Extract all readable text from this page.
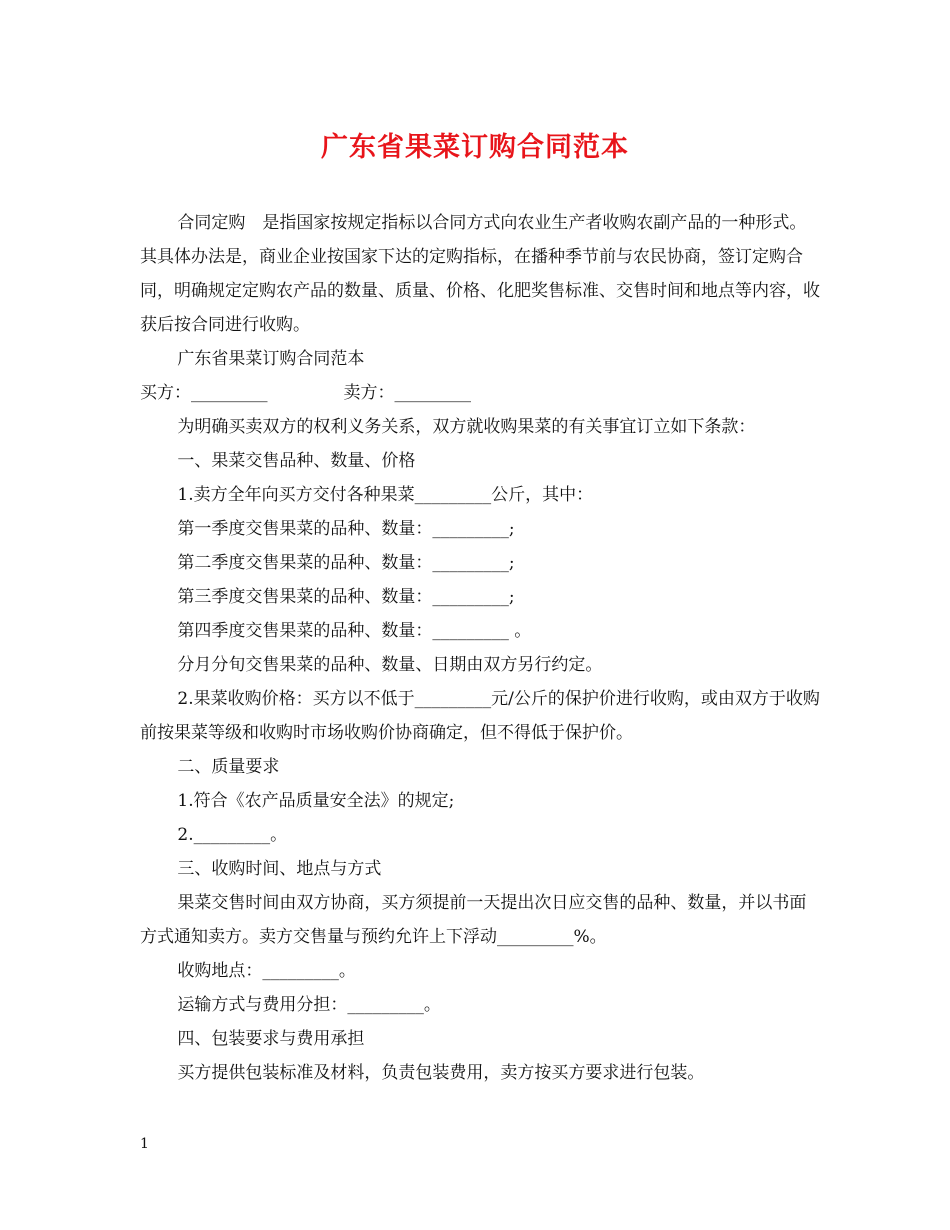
广东省果菜订购合同范本

合同定购　是指国家按规定指标以合同方式向农业生产者收购农副产品的一种形式。其具体办法是，商业企业按国家下达的定购指标，在播种季节前与农民协商，签订定购合同，明确规定定购农产品的数量、质量、价格、化肥奖售标准、交售时间和地点等内容，收获后按合同进行收购。

广东省果菜订购合同范本

买方：_________	卖方：_________

为明确买卖双方的权利义务关系，双方就收购果菜的有关事宜订立如下条款：

一、果菜交售品种、数量、价格

1.卖方全年向买方交付各种果菜_________公斤，其中：

第一季度交售果菜的品种、数量：_________;

第二季度交售果菜的品种、数量：_________;

第三季度交售果菜的品种、数量：_________;

第四季度交售果菜的品种、数量：_________ 。

分月分旬交售果菜的品种、数量、日期由双方另行约定。

2.果菜收购价格：买方以不低于_________元/公斤的保护价进行收购，或由双方于收购前按果菜等级和收购时市场收购价协商确定，但不得低于保护价。

二、质量要求

1.符合《农产品质量安全法》的规定;

2._________。

三、收购时间、地点与方式

果菜交售时间由双方协商，买方须提前一天提出次日应交售的品种、数量，并以书面方式通知卖方。卖方交售量与预约允许上下浮动_________%。

收购地点：_________。

运输方式与费用分担：_________。

四、包装要求与费用承担

买方提供包装标准及材料，负责包装费用，卖方按买方要求进行包装。

1
